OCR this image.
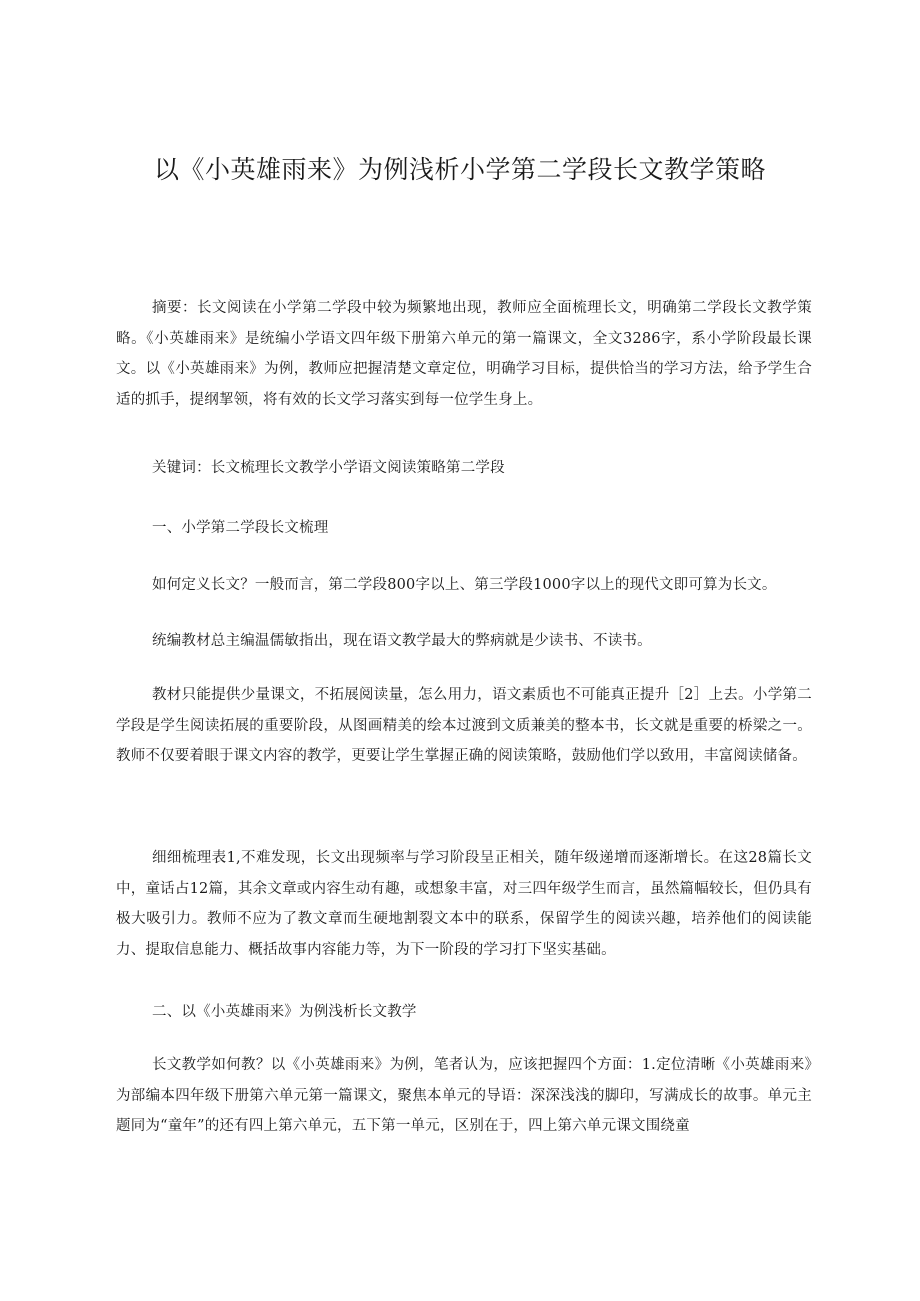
以《小英雄雨来》为例浅析小学第二学段长文教学策略

摘要：长文阅读在小学第二学段中较为频繁地出现，教师应全面梳理长文，明确第二学段长文教学策略。《小英雄雨来》是统编小学语文四年级下册第六单元的第一篇课文，全文3286字，系小学阶段最长课文。以《小英雄雨来》为例，教师应把握清楚文章定位，明确学习目标，提供恰当的学习方法，给予学生合适的抓手，提纲挈领，将有效的长文学习落实到每一位学生身上。

关键词：长文梳理长文教学小学语文阅读策略第二学段

一、小学第二学段长文梳理

如何定义长文？一般而言，第二学段800字以上、第三学段1000字以上的现代文即可算为长文。

统编教材总主编温儒敏指出，现在语文教学最大的弊病就是少读书、不读书。

教材只能提供少量课文，不拓展阅读量，怎么用力，语文素质也不可能真正提升［2］上去。小学第二学段是学生阅读拓展的重要阶段，从图画精美的绘本过渡到文质兼美的整本书，长文就是重要的桥梁之一。教师不仅要着眼于课文内容的教学，更要让学生掌握正确的阅读策略，鼓励他们学以致用，丰富阅读储备。

细细梳理表1,不难发现，长文出现频率与学习阶段呈正相关，随年级递增而逐渐增长。在这28篇长文中，童话占12篇，其余文章或内容生动有趣，或想象丰富，对三四年级学生而言，虽然篇幅较长，但仍具有极大吸引力。教师不应为了教文章而生硬地割裂文本中的联系，保留学生的阅读兴趣，培养他们的阅读能力、提取信息能力、概括故事内容能力等，为下一阶段的学习打下坚实基础。

二、以《小英雄雨来》为例浅析长文教学

长文教学如何教？以《小英雄雨来》为例，笔者认为，应该把握四个方面：1.定位清晰《小英雄雨来》为部编本四年级下册第六单元第一篇课文，聚焦本单元的导语：深深浅浅的脚印，写满成长的故事。单元主题同为“童年”的还有四上第六单元，五下第一单元，区别在于，四上第六单元课文围绕童
